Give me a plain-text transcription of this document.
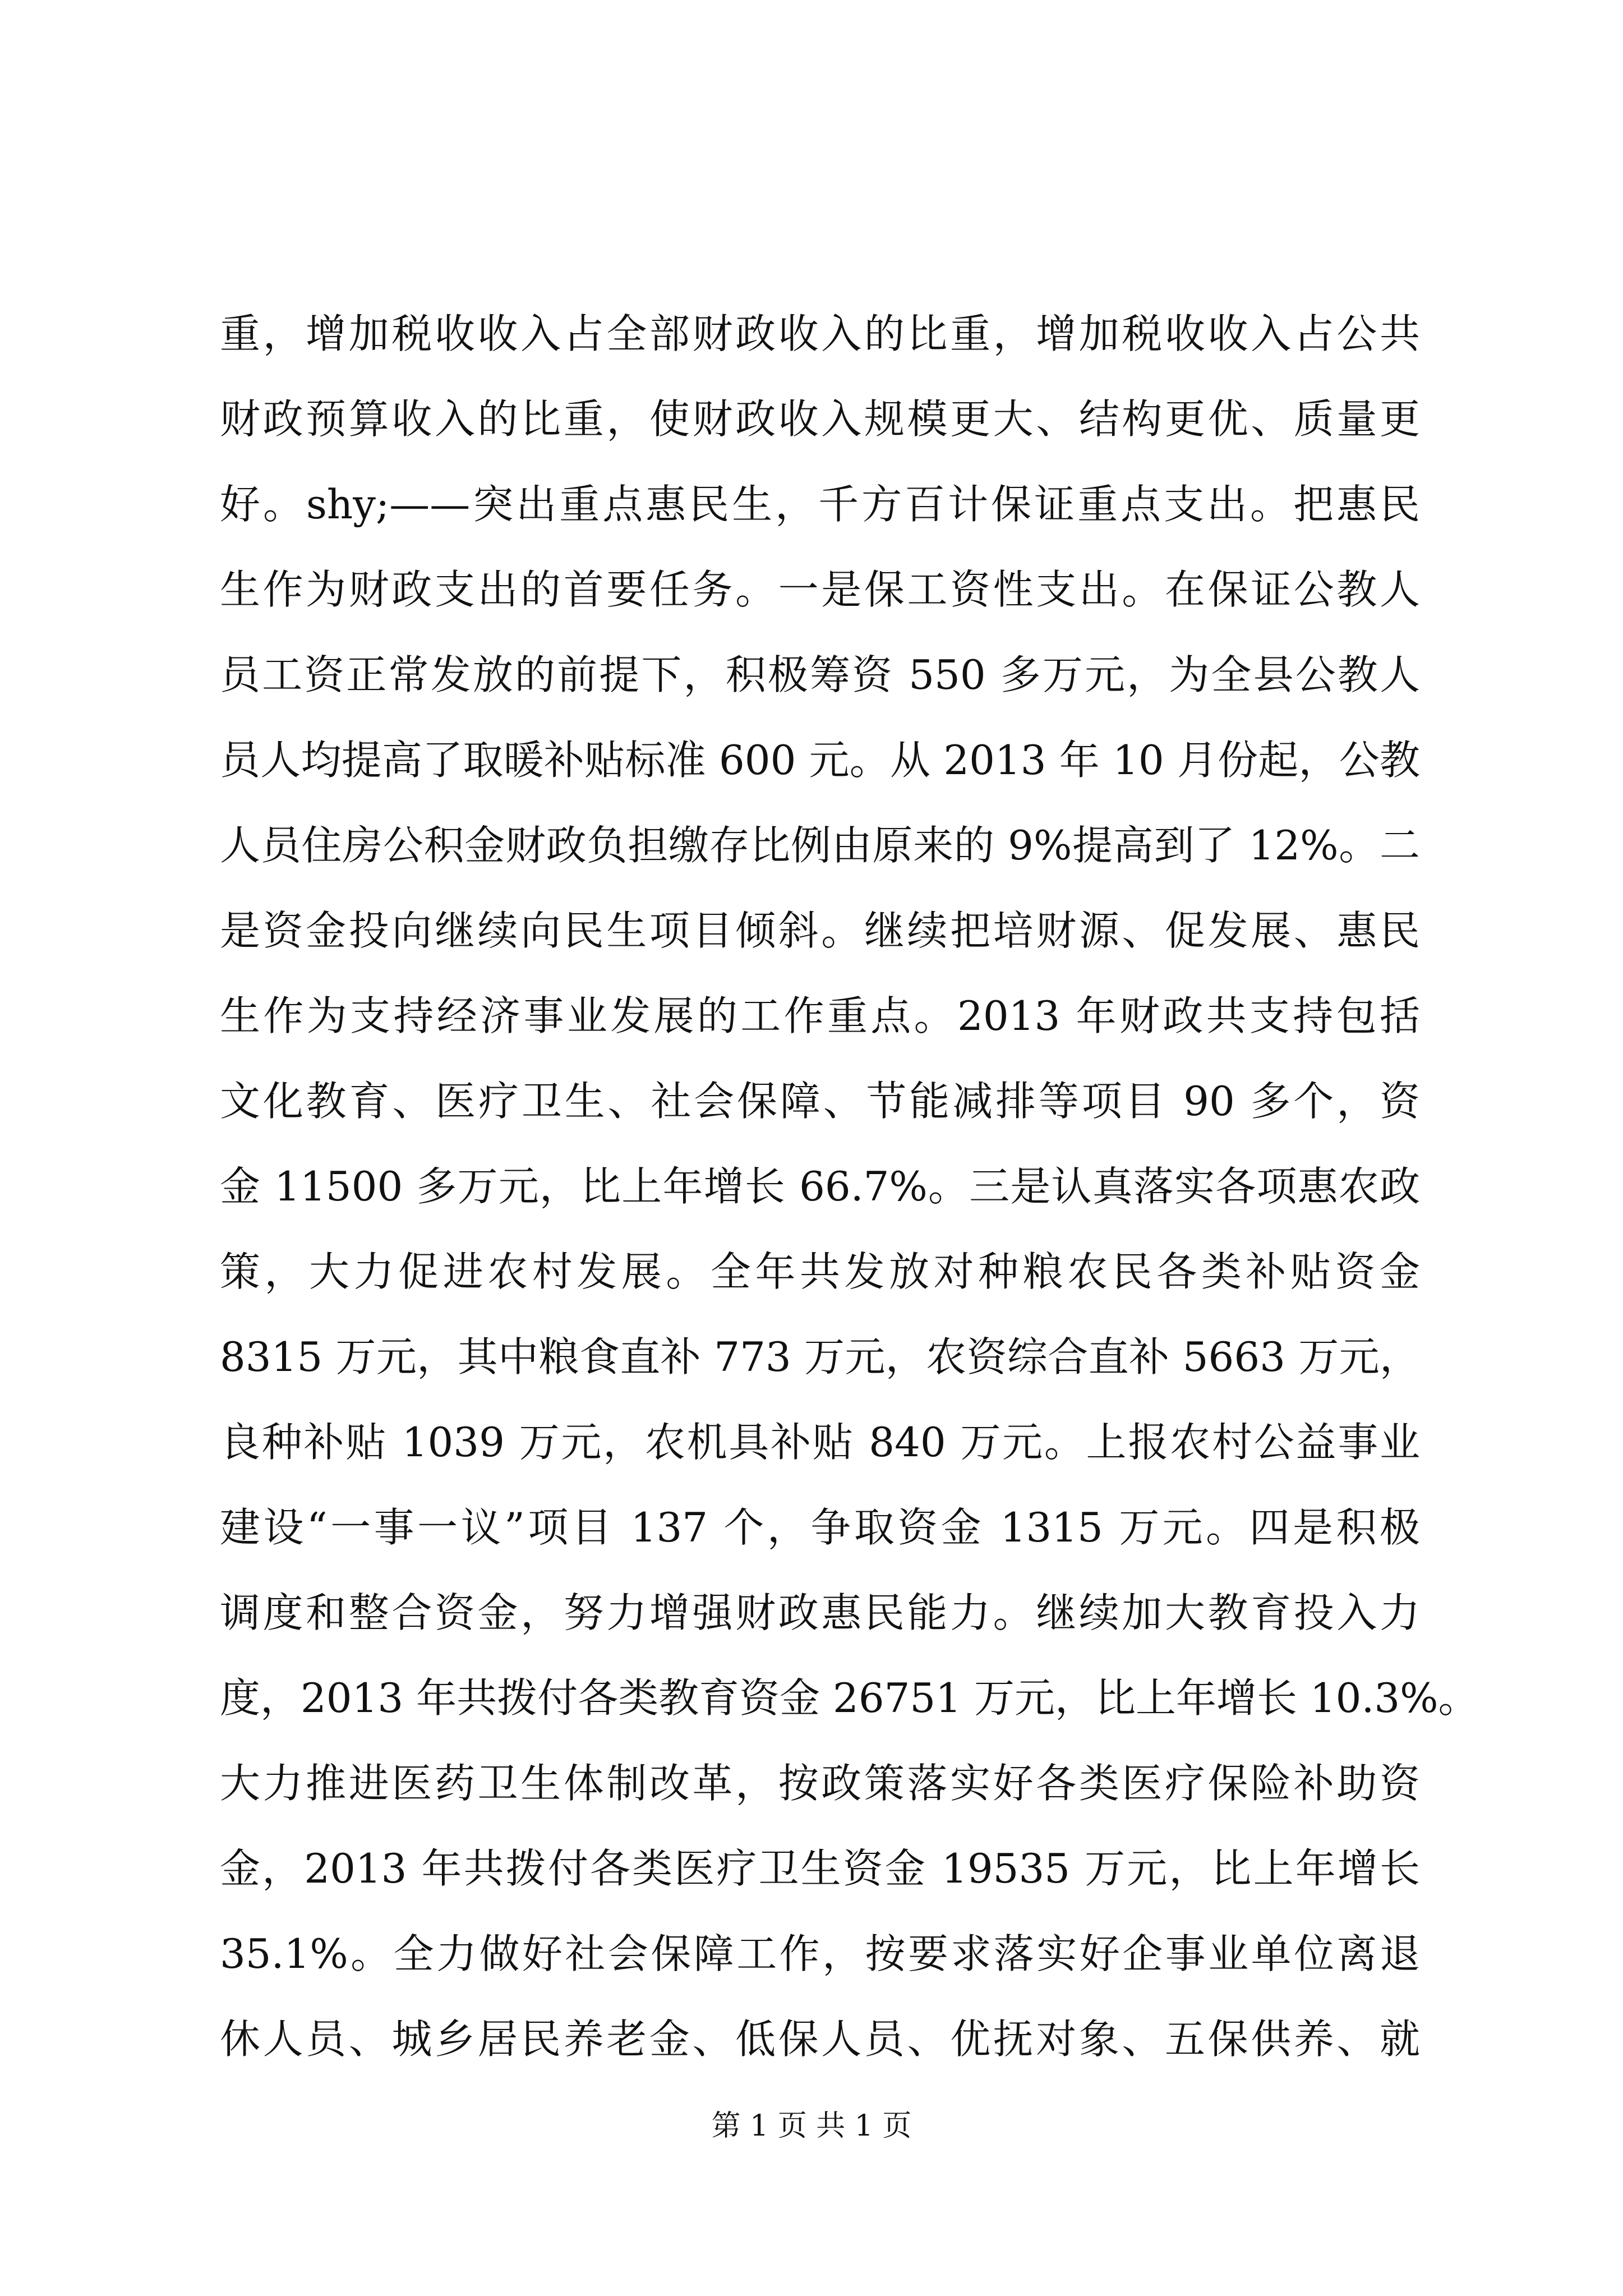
重，增加税收收入占全部财政收入的比重，增加税收收入占公共
财政预算收入的比重，使财政收入规模更大、结构更优、质量更
好。shy;——突出重点惠民生，千方百计保证重点支出。把惠民
生作为财政支出的首要任务。一是保工资性支出。在保证公教人
员工资正常发放的前提下，积极筹资 550 多万元，为全县公教人
员人均提高了取暖补贴标准 600 元。从 2013 年 10 月份起，公教
人员住房公积金财政负担缴存比例由原来的 9%提高到了 12%。二
是资金投向继续向民生项目倾斜。继续把培财源、促发展、惠民
生作为支持经济事业发展的工作重点。2013 年财政共支持包括
文化教育、医疗卫生、社会保障、节能减排等项目 90 多个，资
金 11500 多万元，比上年增长 66.7%。三是认真落实各项惠农政
策，大力促进农村发展。全年共发放对种粮农民各类补贴资金
8315 万元，其中粮食直补 773 万元，农资综合直补 5663 万元，
良种补贴 1039 万元，农机具补贴 840 万元。上报农村公益事业
建设“一事一议”项目 137 个，争取资金 1315 万元。四是积极
调度和整合资金，努力增强财政惠民能力。继续加大教育投入力
度，2013 年共拨付各类教育资金 26751 万元，比上年增长 10.3%。
大力推进医药卫生体制改革，按政策落实好各类医疗保险补助资
金，2013 年共拨付各类医疗卫生资金 19535 万元，比上年增长
35.1%。全力做好社会保障工作，按要求落实好企事业单位离退
休人员、城乡居民养老金、低保人员、优抚对象、五保供养、就
第 1 页 共 1 页
